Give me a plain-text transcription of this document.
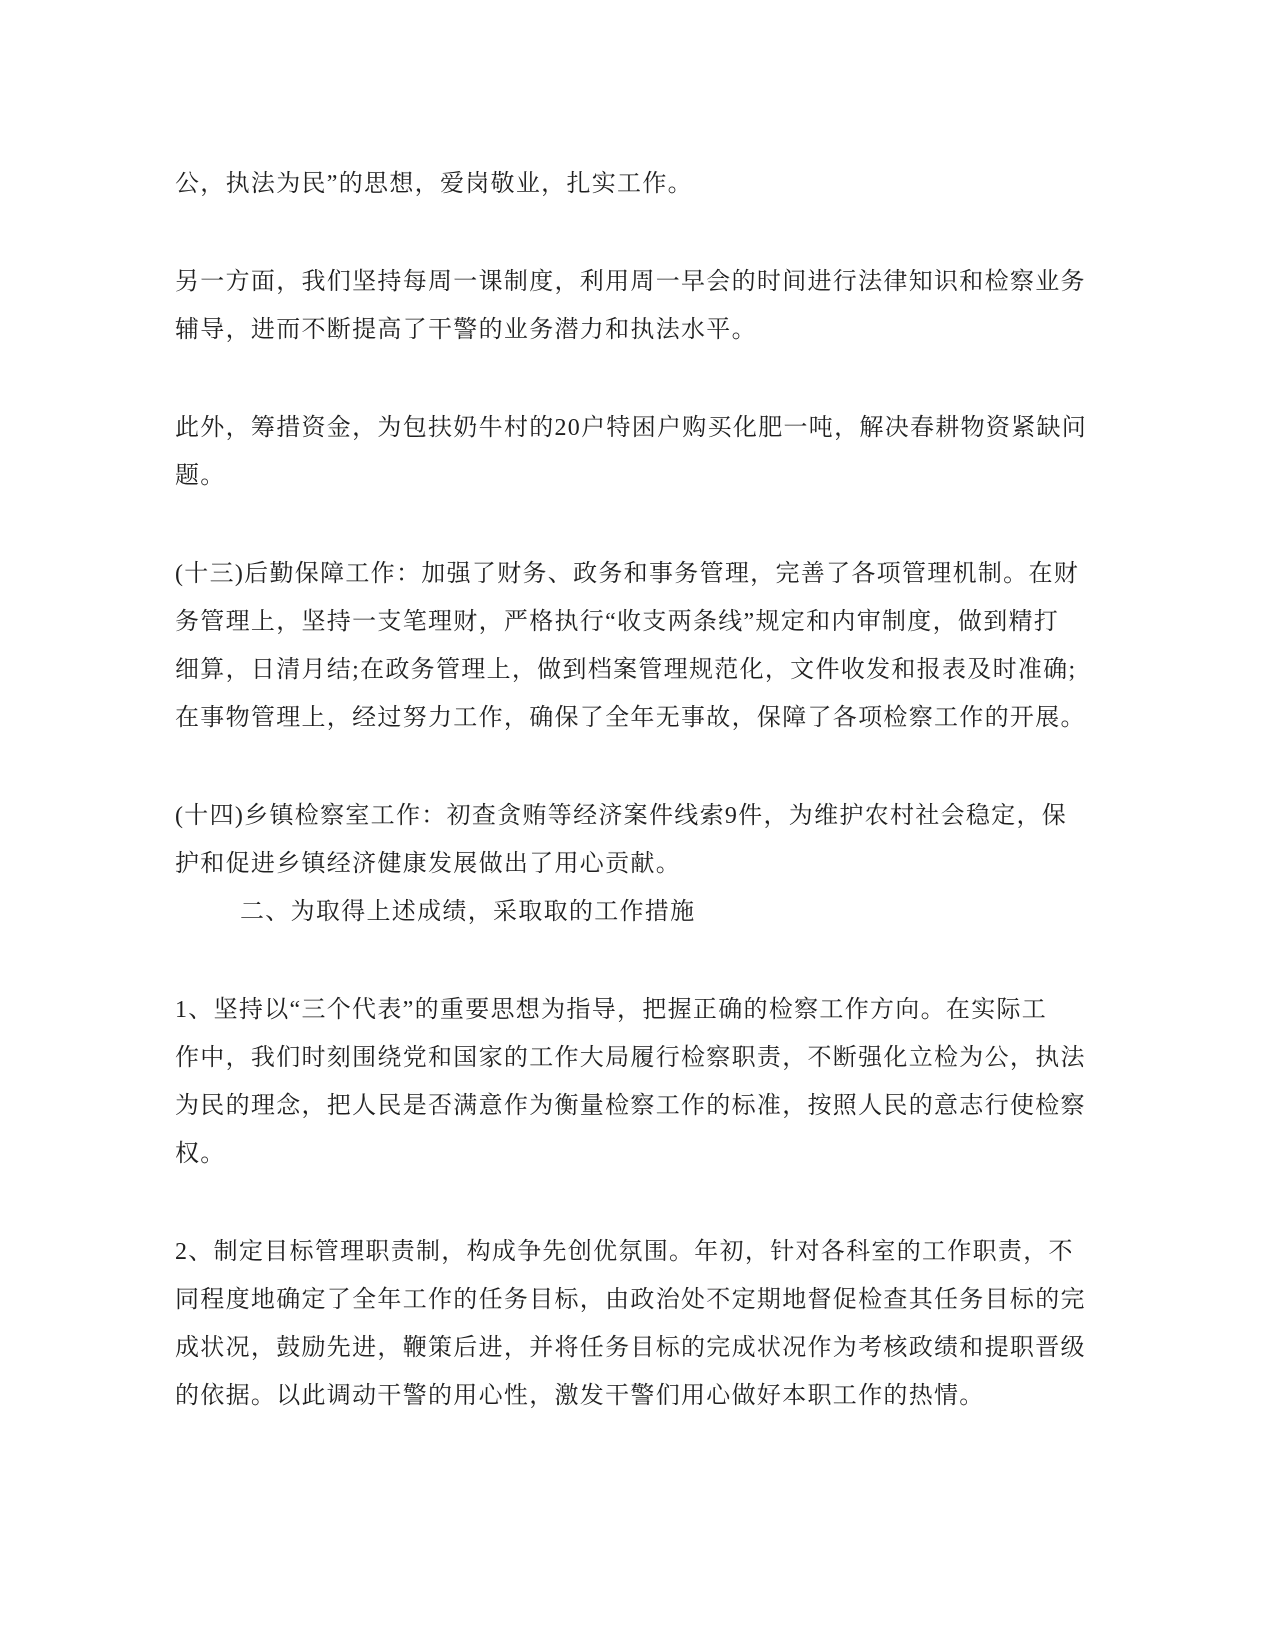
公，执法为民”的思想，爱岗敬业，扎实工作。
另一方面，我们坚持每周一课制度，利用周一早会的时间进行法律知识和检察业务
辅导，进而不断提高了干警的业务潜力和执法水平。
此外，筹措资金，为包扶奶牛村的20户特困户购买化肥一吨，解决春耕物资紧缺问
题。
(十三)后勤保障工作：加强了财务、政务和事务管理，完善了各项管理机制。在财
务管理上，坚持一支笔理财，严格执行“收支两条线”规定和内审制度，做到精打
细算，日清月结;在政务管理上，做到档案管理规范化，文件收发和报表及时准确;
在事物管理上，经过努力工作，确保了全年无事故，保障了各项检察工作的开展。
(十四)乡镇检察室工作：初查贪贿等经济案件线索9件，为维护农村社会稳定，保
护和促进乡镇经济健康发展做出了用心贡献。
二、为取得上述成绩，采取取的工作措施
1、坚持以“三个代表”的重要思想为指导，把握正确的检察工作方向。在实际工
作中，我们时刻围绕党和国家的工作大局履行检察职责，不断强化立检为公，执法
为民的理念，把人民是否满意作为衡量检察工作的标准，按照人民的意志行使检察
权。
2、制定目标管理职责制，构成争先创优氛围。年初，针对各科室的工作职责，不
同程度地确定了全年工作的任务目标，由政治处不定期地督促检查其任务目标的完
成状况，鼓励先进，鞭策后进，并将任务目标的完成状况作为考核政绩和提职晋级
的依据。以此调动干警的用心性，激发干警们用心做好本职工作的热情。
